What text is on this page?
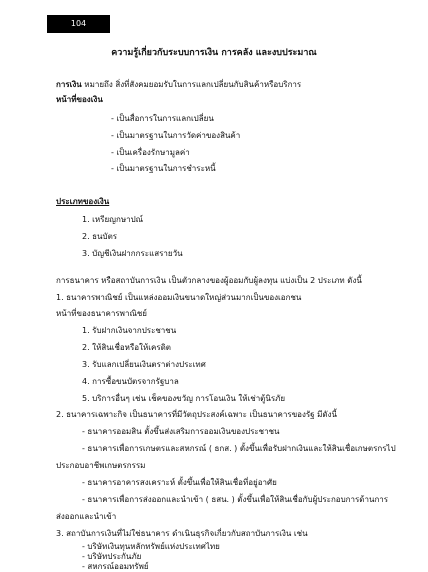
104
ความรู้เกี่ยวกับระบบการเงิน การคลัง และงบประมาณ
การเงิน หมายถึง สิ่งที่สังคมยอมรับในการแลกเปลี่ยนกับสินค้าหรือบริการ
หน้าที่ของเงิน
- เป็นสื่อการในการแลกเปลี่ยน
- เป็นมาตรฐานในการวัดค่าของสินค้า
- เป็นเครื่องรักษามูลค่า
- เป็นมาตรฐานในการชำระหนี้
ประเภทของเงิน
1. เหรียญกษาปณ์
2. ธนบัตร
3. บัญชีเงินฝากกระแสรายวัน
การธนาคาร หรือสถาบันการเงิน เป็นตัวกลางของผู้ออมกับผู้ลงทุน แบ่งเป็น 2 ประเภท ดังนี้
1. ธนาคารพาณิชย์ เป็นแหล่งออมเงินขนาดใหญ่ส่วนมากเป็นของเอกชน
หน้าที่ของธนาคารพาณิชย์
1. รับฝากเงินจากประชาชน
2. ให้สินเชื่อหรือให้เครดิต
3. รับแลกเปลี่ยนเงินตราต่างประเทศ
4. การซื้อขนบัตรจากรัฐบาล
5. บริการอื่นๆ เช่น เช็คของขวัญ การโอนเงิน ให้เช่าตู้นิรภัย
2. ธนาคารเฉพาะกิจ เป็นธนาคารที่มีวัตถุประสงค์เฉพาะ เป็นธนาคารของรัฐ มีดังนี้
- ธนาคารออมสิน ตั้งขึ้นส่งเสริมการออมเงินของประชาชน
- ธนาคารเพื่อการเกษตรและสหกรณ์ ( ธกส. ) ตั้งขึ้นเพื่อรับฝากเงินและให้สินเชื่อเกษตรกรไป
ประกอบอาชีพเกษตรกรรม
- ธนาคารอาคารสงเคราะห์ ตั้งขึ้นเพื่อให้สินเชื่อที่อยู่อาศัย
- ธนาคารเพื่อการส่งออกและนำเข้า ( ธสน. ) ตั้งขึ้นเพื่อให้สินเชื่อกับผู้ประกอบการด้านการ
ส่งออกและนำเข้า
3. สถาบันการเงินที่ไม่ใช่ธนาคาร ดำเนินธุรกิจเกี่ยวกับสถาบันการเงิน เช่น
- บริษัทเงินทุนหลักทรัพย์แห่งประเทศไทย
- บริษัทประกันภัย
- สหกรณ์ออมทรัพย์
